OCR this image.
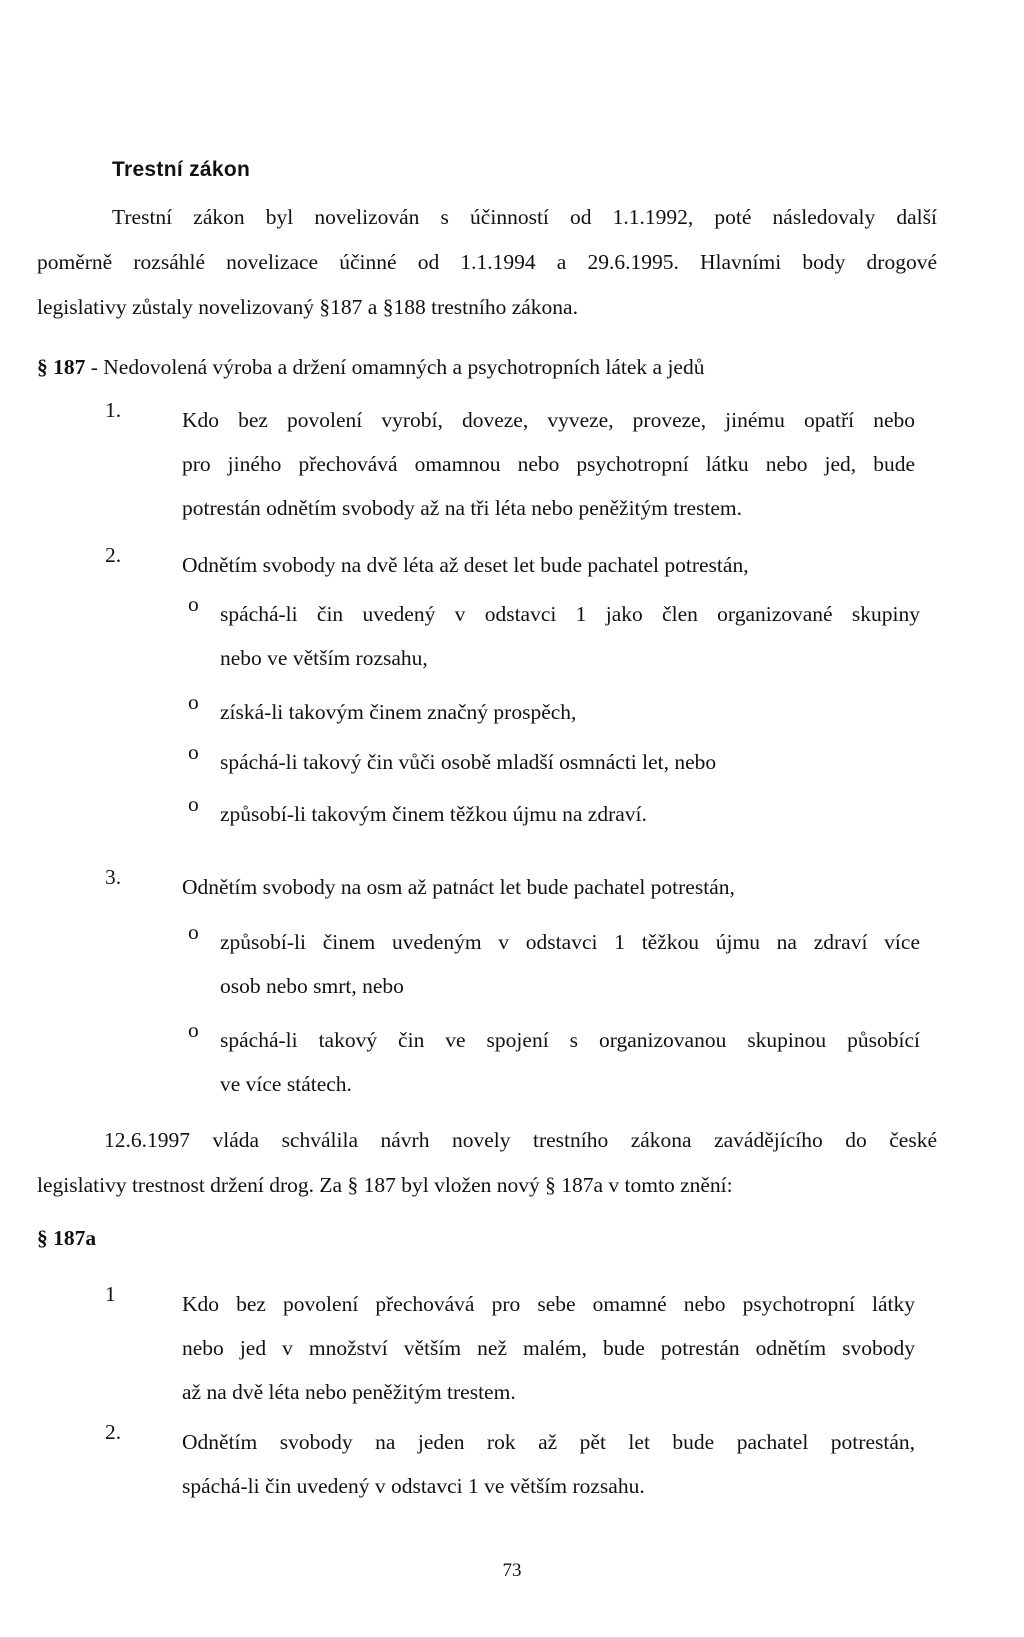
Trestní zákon
Trestní zákon byl novelizován s účinností od 1.1.1992, poté následovaly další
poměrně rozsáhlé novelizace účinné od 1.1.1994 a 29.6.1995. Hlavními body drogové
legislativy zůstaly novelizovaný §187 a §188 trestního zákona.
§ 187 - Nedovolená výroba a držení omamných a psychotropních látek a jedů
1.	Kdo bez povolení vyrobí, doveze, vyveze, proveze, jinému opatří nebo
pro jiného přechovává omamnou nebo psychotropní látku nebo jed, bude
potrestán odnětím svobody až na tři léta nebo peněžitým trestem.
2.	Odnětím svobody na dvě léta až deset let bude pachatel potrestán,
o spáchá-li čin uvedený v odstavci 1 jako člen organizované skupiny
nebo ve větším rozsahu,
o získá-li takovým činem značný prospěch,
o spáchá-li takový čin vůči osobě mladší osmnácti let, nebo
o způsobí-li takovým činem těžkou újmu na zdraví.
3.	Odnětím svobody na osm až patnáct let bude pachatel potrestán,
o způsobí-li činem uvedeným v odstavci 1 těžkou újmu na zdraví více
osob nebo smrt, nebo
o spáchá-li takový čin ve spojení s organizovanou skupinou působící
ve více státech.
12.6.1997 vláda schválila návrh novely trestního zákona zavádějícího do české
legislativy trestnost držení drog. Za § 187 byl vložen nový § 187a v tomto znění:
§ 187a
1	Kdo bez povolení přechovává pro sebe omamné nebo psychotropní látky
nebo jed v množství větším než malém, bude potrestán odnětím svobody
až na dvě léta nebo peněžitým trestem.
2.	Odnětím svobody na jeden rok až pět let bude pachatel potrestán,
spáchá-li čin uvedený v odstavci 1 ve větším rozsahu.
73
